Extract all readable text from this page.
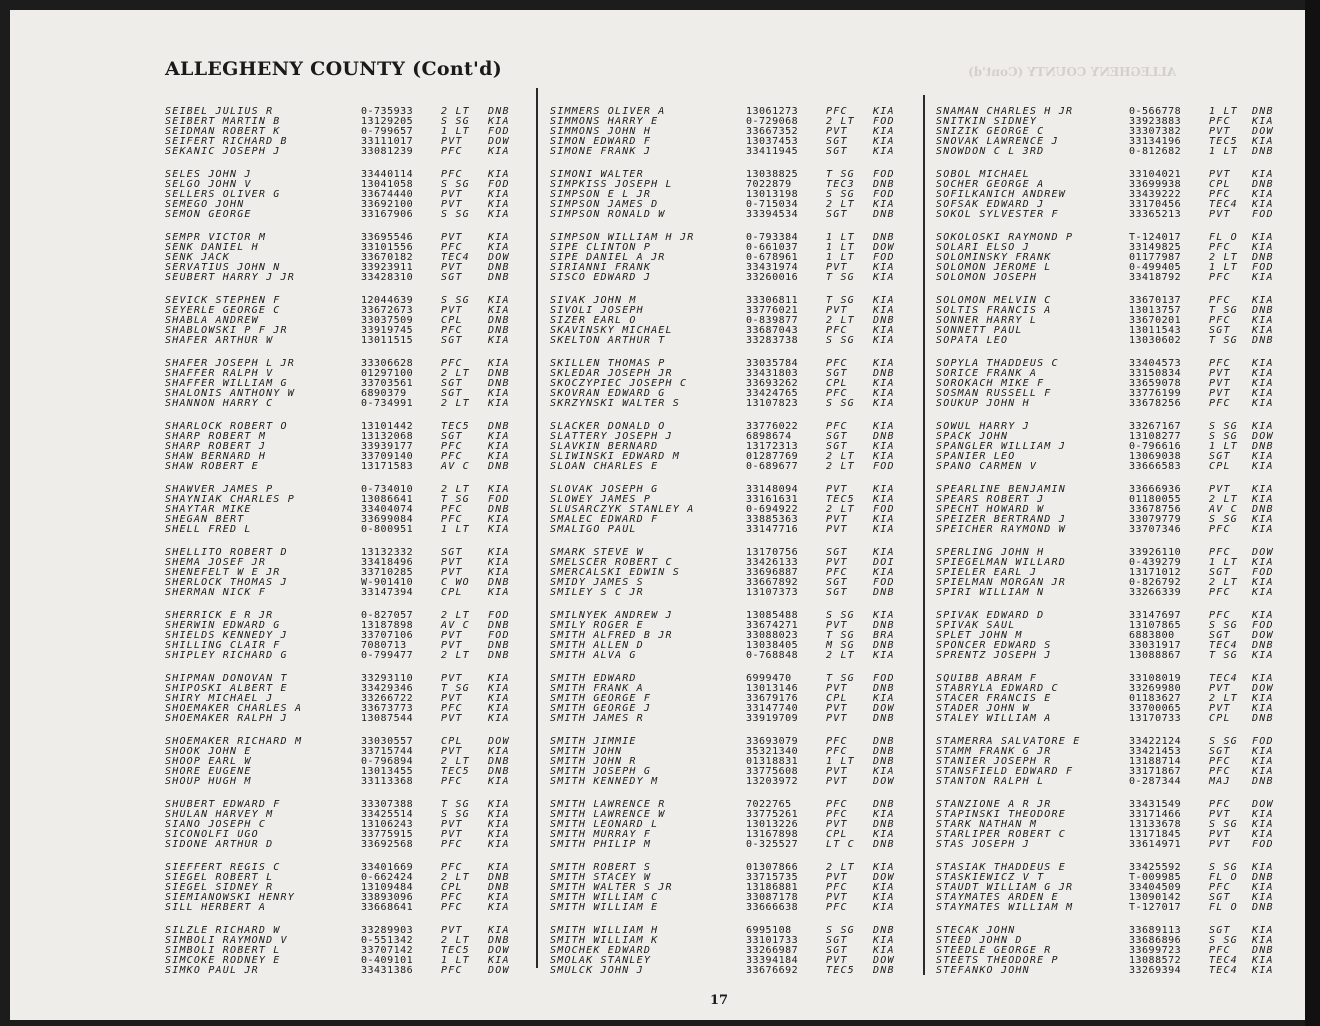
ALLEGHENY COUNTY (Cont'd)	ALLEGHENY COUNTY (Cont'd)
SEIBEL JULIUS R	0-735933	2 LT DNB
SEIBERT MARTIN B	13129205	S SG KIA
SEIDMAN ROBERT K	0-799657	1 LT FOD
SEIFERT RICHARD B	33111017	PVT	DOW
SEKANIC JOSEPH J	33081239	PFC	KIA
SELES JOHN J	33440114	PFC	KIA
SELGO JOHN V	13041058	S SG FOD
SELLERS OLIVER G	33674440	PVT	KIA
SEMEGO JOHN	33692100	PVT	KIA
SEMON GEORGE	33167906	S SG KIA
SEMPR VICTOR M	33695546	PVT	KIA
SENK DANIEL H	33101556	PFC	KIA
SENK JACK	33670182	TEC4 DOW
SERVATIUS JOHN N	33923911	PVT	DNB
SEUBERT HARRY J JR	33428310	SGT	DNB
SEVICK STEPHEN F	12044639	S SG KIA
SEYERLE GEORGE C	33672673	PVT	KIA
SHABLA ANDREW	33037509	CPL	DNB
SHABLOWSKI P F JR	33919745	PFC	DNB
SHAFER ARTHUR W	13011515	SGT	KIA
SHAFER JOSEPH L JR	33306628	PFC	KIA
SHAFFER RALPH V	01297100	2 LT DNB
SHAFFER WILLIAM G	33703561	SGT	DNB
SHALONIS ANTHONY W	6890379	SGT	KIA
SHANNON HARRY C	0-734991	2 LT KIA
SHARLOCK ROBERT O	13101442	TEC5 DNB
SHARP ROBERT M	13132068	SGT	KIA
SHARP ROBERT J	33939177	PFC	KIA
SHAW BERNARD H	33709140	PFC	KIA
SHAW ROBERT E	13171583	AV C DNB
SHAWVER JAMES P	0-734010	2 LT KIA
SHAYNIAK CHARLES P	13086641	T SG FOD
SHAYTAR MIKE	33404074	PFC	DNB
SHEGAN BERT	33699084	PFC	KIA
SHELL FRED L	0-800951	1 LT KIA
SHELLITO ROBERT D	13132332	SGT	KIA
SHEMA JOSEF JR	33418496	PVT	KIA
SHENEFELT W E JR	33710285	PVT	KIA
SHERLOCK THOMAS J	W-901410	C WO DNB
SHERMAN NICK F	33147394	CPL	KIA
SHERRICK E R JR	0-827057	2 LT FOD
SHERWIN EDWARD G	13187898	AV C DNB
SHIELDS KENNEDY J	33707106	PVT	FOD
SHILLING CLAIR F	7080713	PVT	DNB
SHIPLEY RICHARD G	0-799477	2 LT DNB
SHIPMAN DONOVAN T	33293110	PVT	KIA
SHIPOSKI ALBERT E	33429346	T SG KIA
SHIRY MICHAEL J	33266722	PVT	KIA
SHOEMAKER CHARLES A	33673773	PFC	KIA
SHOEMAKER RALPH J	13087544	PVT	KIA
SHOEMAKER RICHARD M	33030557	CPL	DOW
SHOOK JOHN E	33715744	PVT	KIA
SHOOP EARL W	0-796894	2 LT DNB
SHORE EUGENE	13013455	TEC5 DNB
SHOUP HUGH M	33113368	PFC	KIA
SHUBERT EDWARD F	33307388	T SG KIA
SHULAN HARVEY M	33425514	S SG KIA
SIANO JOSEPH C	13106243	PVT	KIA
SICONOLFI UGO	33775915	PVT	KIA
SIDONE ARTHUR D	33692568	PFC	KIA
SIEFFERT REGIS C	33401669	PFC	KIA
SIEGEL ROBERT L	0-662424	2 LT DNB
SIEGEL SIDNEY R	13109484	CPL	DNB
SIEMIANOWSKI HENRY	33893096	PFC	KIA
SILL HERBERT A	33668641	PFC	KIA
SILZLE RICHARD W	33289903	PVT	KIA
SIMBOLI RAYMOND V	0-551342	2 LT DNB
SIMBOLI ROBERT L	33707142	TEC5 DOW
SIMCOKE RODNEY E	0-409101	1 LT KIA
SIMKO PAUL JR	33431386	PFC	DOW
SIMMERS OLIVER A	13061273	PFC	KIA
SIMMONS HARRY E	0-729068	2 LT FOD
SIMMONS JOHN H	33667352	PVT	KIA
SIMON EDWARD F	13037453	SGT	KIA
SIMONE FRANK J	33411945	SGT	KIA
SIMONI WALTER	13038825	T SG FOD
SIMPKISS JOSEPH L	7022879	TEC3 DNB
SIMPSON E L JR	13013198	S SG FOD
SIMPSON JAMES D	0-715034	2 LT KIA
SIMPSON RONALD W	33394534	SGT	DNB
SIMPSON WILLIAM H JR	0-793384	1 LT DNB
SIPE CLINTON P	0-661037	1 LT DOW
SIPE DANIEL A JR	0-678961	1 LT FOD
SIRIANNI FRANK	33431974	PVT	KIA
SISCO EDWARD J	33260016	T SG KIA
SIVAK JOHN M	33306811	T SG KIA
SIVOLI JOSEPH	33776021	PVT	KIA
SIZER EARL O	0-839877	2 LT DNB
SKAVINSKY MICHAEL	33687043	PFC	KIA
SKELTON ARTHUR T	33283738	S SG KIA
SKILLEN THOMAS P	33035784	PFC	KIA
SKLEDAR JOSEPH JR	33431803	SGT	DNB
SKOCZYPIEC JOSEPH C	33693262	CPL	KIA
SKOVRAN EDWARD G	33424765	PFC	KIA
SKRZYNSKI WALTER S	13107823	S SG KIA
SLACKER DONALD O	33776022	PFC	KIA
SLATTERY JOSEPH J	6898674	SGT	DNB
SLAVKIN BERNARD	13172313	SGT	KIA
SLIWINSKI EDWARD M	01287769	2 LT KIA
SLOAN CHARLES E	0-689677	2 LT FOD
SLOVAK JOSEPH G	33148094	PVT	KIA
SLOWEY JAMES P	33161631	TEC5 KIA
SLUSARCZYK STANLEY A	0-694922	2 LT FOD
SMALEC EDWARD F	33885363	PVT	KIA
SMALIGO PAUL	33147716	PVT	KIA
SMARK STEVE W	13170756	SGT	KIA
SMELSCER ROBERT C	33426133	PVT	DOI
SMERCALSKI EDWIN S	33696887	PFC	KIA
SMIDY JAMES S	33667892	SGT	FOD
SMILEY S C JR	13107373	SGT	DNB
SMILNYEK ANDREW J	13085488	S SG KIA
SMILY ROGER E	33674271	PVT	DNB
SMITH ALFRED B JR	33088023	T SG BRA
SMITH ALLEN D	13038405	M SG DNB
SMITH ALVA G	0-768848	2 LT KIA
SMITH EDWARD	6999470	T SG FOD
SMITH FRANK A	13013146	PVT	DNB
SMITH GEORGE F	33679176	CPL	KIA
SMITH GEORGE J	33147740	PVT	DOW
SMITH JAMES R	33919709	PVT	DNB
SMITH JIMMIE	33693079	PFC	DNB
SMITH JOHN	35321340	PFC	DNB
SMITH JOHN R	01318831	1 LT DNB
SMITH JOSEPH G	33775608	PVT	KIA
SMITH KENNEDY M	13203972	PVT	DOW
SMITH LAWRENCE R	7022765	PFC	DNB
SMITH LAWRENCE W	33775261	PFC	KIA
SMITH LEONARD L	13013226	PVT	DNB
SMITH MURRAY F	13167898	CPL	KIA
SMITH PHILIP M	0-325527	LT C DNB
SMITH ROBERT S	01307866	2 LT KIA
SMITH STACEY W	33715735	PVT	DOW
SMITH WALTER S JR	13186881	PFC	KIA
SMITH WILLIAM C	33087178	PVT	KIA
SMITH WILLIAM E	33666638	PFC	KIA
SMITH WILLIAM H	6995108	S SG DNB
SMITH WILLIAM K	33101733	SGT	KIA
SMOCHEK EDWARD	33266987	SGT	KIA
SMOLAK STANLEY	33394184	PVT	DOW
SMULCK JOHN J	33676692	TEC5 DNB
SNAMAN CHARLES H JR	0-566778	1 LT DNB
SNITKIN SIDNEY	33923883	PFC KIA
SNIZIK GEORGE C	33307382	PVT DOW
SNOVAK LAWRENCE J	33134196	TEC5 KIA
SNOWDON C L 3RD	0-812682	1 LT DNB
SOBOL MICHAEL	33104021	PVT KIA
SOCHER GEORGE A	33699938	CPL DNB
SOFILKANICH ANDREW	33439222	PFC KIA
SOFSAK EDWARD J	33170456	TEC4 KIA
SOKOL SYLVESTER F	33365213	PVT FOD
SOKOLOSKI RAYMOND P	T-124017	FL O KIA
SOLARI ELSO J	33149825	PFC KIA
SOLOMINSKY FRANK	01177987	2 LT DNB
SOLOMON JEROME L	0-499405	1 LT FOD
SOLOMON JOSEPH	33418792	PFC KIA
SOLOMON MELVIN C	33670137	PFC KIA
SOLTIS FRANCIS A	13013757	T SG DNB
SONNER HARRY L	33670201	PFC KIA
SONNETT PAUL	13011543	SGT KIA
SOPATA LEO	13030602	T SG DNB
SOPYLA THADDEUS C	33404573	PFC KIA
SORICE FRANK A	33150834	PVT KIA
SOROKACH MIKE F	33659078	PVT KIA
SOSMAN RUSSELL F	33776199	PVT KIA
SOUKUP JOHN H	33678256	PFC KIA
SOWUL HARRY J	33267167	S SG KIA
SPACK JOHN	13108277	S SG DOW
SPANGLER WILLIAM J	0-796616	1 LT DNB
SPANIER LEO	13069038	SGT KIA
SPANO CARMEN V	33666583	CPL KIA
SPEARLINE BENJAMIN	33666936	PVT KIA
SPEARS ROBERT J	01180055	2 LT KIA
SPECHT HOWARD W	33678756	AV C DNB
SPEIZER BERTRAND J	33079779	S SG KIA
SPEICHER RAYMOND W	33707346	PFC KIA
SPERLING JOHN H	33926110	PFC DOW
SPIEGELMAN WILLARD	0-439279	1 LT KIA
SPIELER EARL J	13171012	SGT FOD
SPIELMAN MORGAN JR	0-826792	2 LT KIA
SPIRI WILLIAM N	33266339	PFC KIA
SPIVAK EDWARD D	33147697	PFC KIA
SPIVAK SAUL	13107865	S SG FOD
SPLET JOHN M	6883800	SGT DOW
SPONCER EDWARD S	33031917	TEC4 DNB
SPRENTZ JOSEPH J	13088867	T SG KIA
SQUIBB ABRAM F	33108019	TEC4 KIA
STABRYLA EDWARD C	33269980	PVT DOW
STACER FRANCIS E	01183627	2 LT KIA
STADER JOHN W	33700065	PVT KIA
STALEY WILLIAM A	13170733	CPL DNB
STAMERRA SALVATORE E	33422124	S SG FOD
STAMM FRANK G JR	33421453	SGT KIA
STANIER JOSEPH R	13188714	PFC KIA
STANSFIELD EDWARD F	33171867	PFC KIA
STANTON RALPH L	0-287344	MAJ DNB
STANZIONE A R JR	33431549	PFC DOW
STAPINSKI THEODORE	33171466	PVT KIA
STARK NATHAN M	13133678	S SG KIA
STARLIPER ROBERT C	13171845	PVT KIA
STAS JOSEPH J	33614971	PVT FOD
STASIAK THADDEUS E	33425592	S SG KIA
STASKIEWICZ V T	T-009985	FL O DNB
STAUDT WILLIAM G JR	33404509	PFC KIA
STAYMATES ARDEN E	13090142	SGT KIA
STAYMATES WILLIAM M	T-127017	FL O DNB
STECAK JOHN	33689113	SGT KIA
STEED JOHN D	33686896	S SG KIA
STEEDLE GEORGE R	33699723	PFC DNB
STEETS THEODORE P	13088572	TEC4 KIA
STEFANKO JOHN	33269394	TEC4 KIA
17
